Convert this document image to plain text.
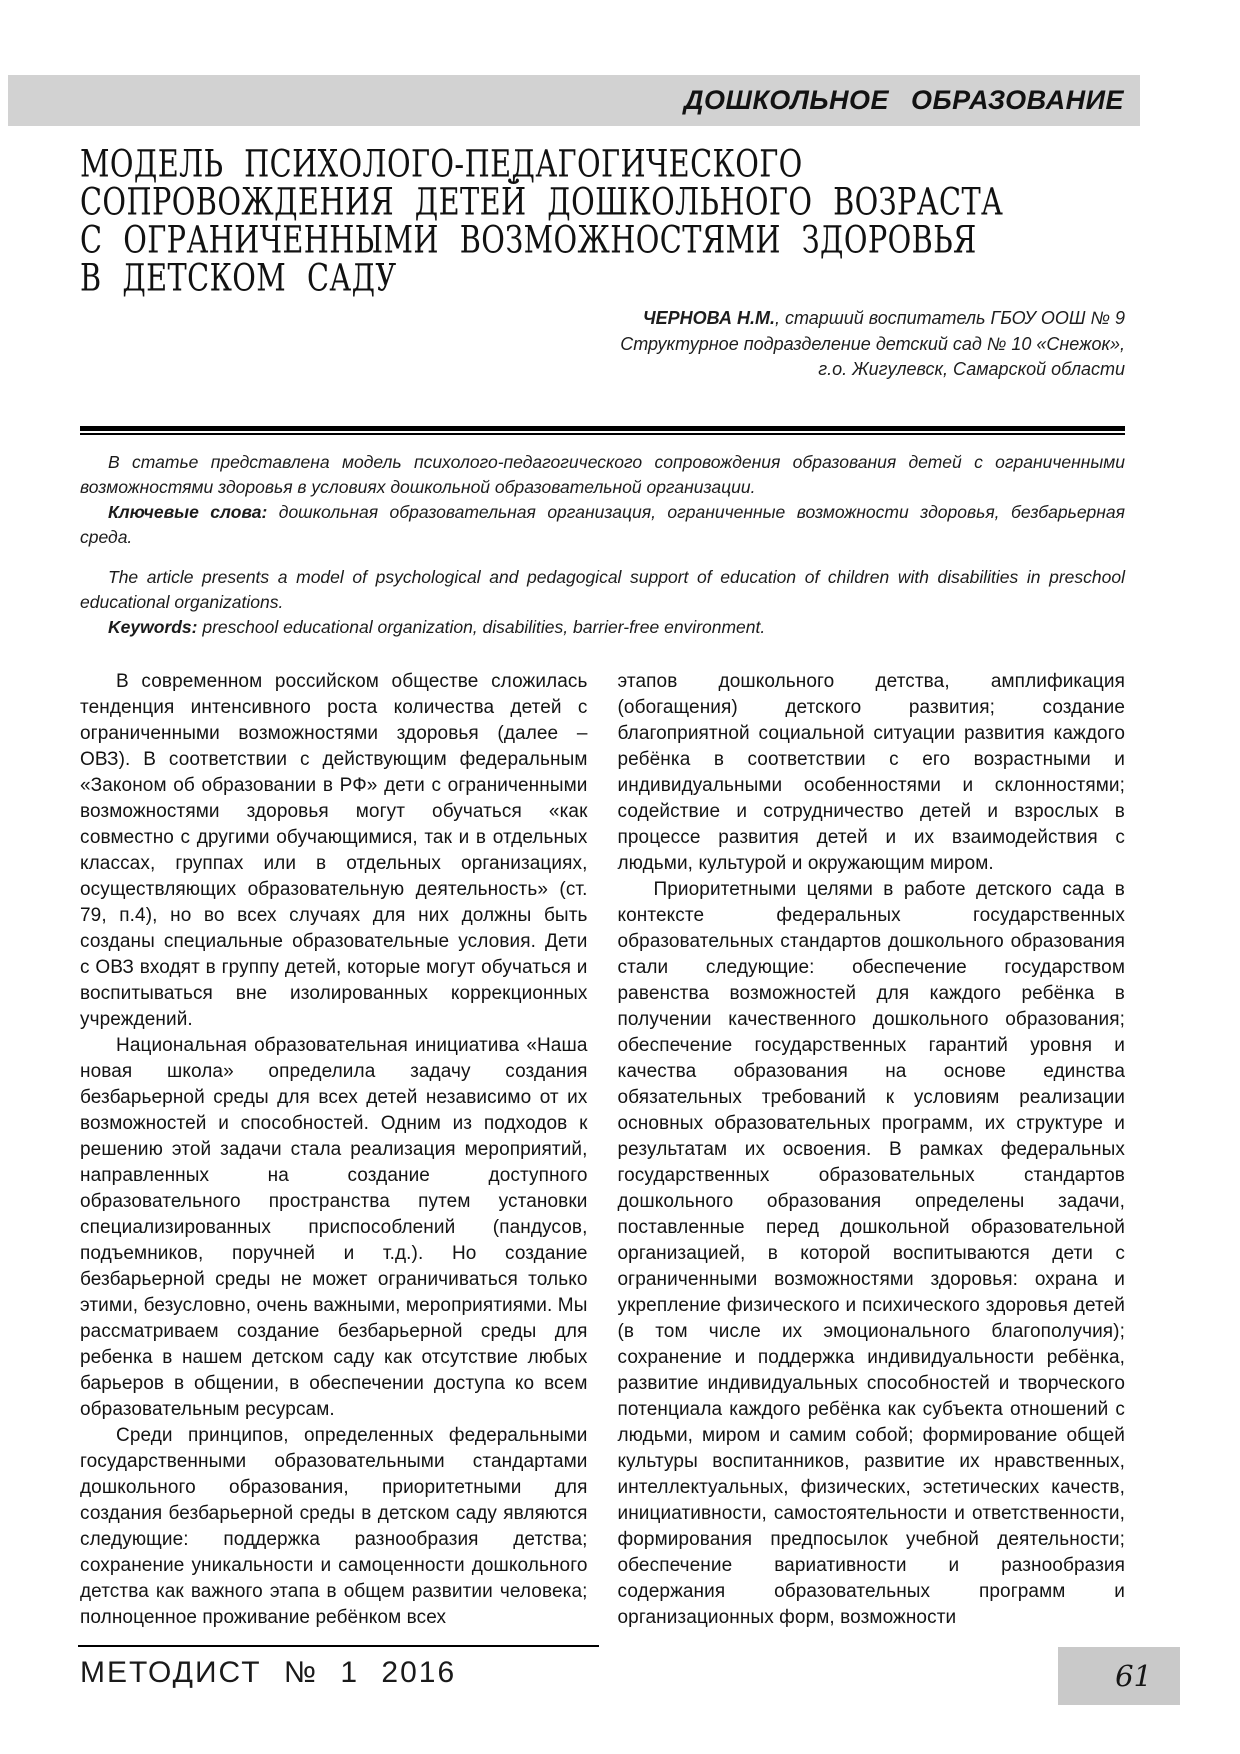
ДОШКОЛЬНОЕ ОБРАЗОВАНИЕ
МОДЕЛЬ ПСИХОЛОГО-ПЕДАГОГИЧЕСКОГО
СОПРОВОЖДЕНИЯ ДЕТЕЙ ДОШКОЛЬНОГО ВОЗРАСТА
С ОГРАНИЧЕННЫМИ ВОЗМОЖНОСТЯМИ ЗДОРОВЬЯ
В ДЕТСКОМ САДУ
ЧЕРНОВА Н.М., старший воспитатель ГБОУ ООШ № 9
Структурное подразделение детский сад № 10 «Снежок»,
г.о. Жигулевск, Самарской области

В статье представлена модель психолого-педагогического сопровождения образования детей с ограниченными возможностями здоровья в условиях дошкольной образовательной организации.

Ключевые слова: дошкольная образовательная организация, ограниченные возможности здоровья, безбарьерная среда.

The article presents a model of psychological and pedagogical support of education of children with disabilities in preschool educational organizations.

Keywords: preschool educational organization, disabilities, barrier-free environment.

В современном российском обществе сложилась тенденция интенсивного роста количества детей с ограниченными возможностями здоровья (далее – ОВЗ). В соответствии с действующим федеральным «Законом об образовании в РФ» дети с ограниченными возможностями здоровья могут обучаться «как совместно с другими обучающимися, так и в отдельных классах, группах или в отдельных организациях, осуществляющих образовательную деятельность» (ст. 79, п.4), но во всех случаях для них должны быть созданы специальные образовательные условия. Дети с ОВЗ входят в группу детей, которые могут обучаться и воспитываться вне изолированных коррекционных учреждений.

Национальная образовательная инициатива «Наша новая школа» определила задачу создания безбарьерной среды для всех детей независимо от их возможностей и способностей. Одним из подходов к решению этой задачи стала реализация мероприятий, направленных на создание доступного образовательного пространства путем установки специализированных приспособлений (пандусов, подъемников, поручней и т.д.). Но создание безбарьерной среды не может ограничиваться только этими, безусловно, очень важными, мероприятиями. Мы рассматриваем создание безбарьерной среды для ребенка в нашем детском саду как отсутствие любых барьеров в общении, в обеспечении доступа ко всем образовательным ресурсам.

Среди принципов, определенных федеральными государственными образовательными стандартами дошкольного образования, приоритетными для создания безбарьерной среды в детском саду являются следующие: поддержка разнообразия детства; сохранение уникальности и самоценности дошкольного детства как важного этапа в общем развитии человека; полноценное проживание ребёнком всех

этапов дошкольного детства, амплификация (обогащения) детского развития; создание благоприятной социальной ситуации развития каждого ребёнка в соответствии с его возрастными и индивидуальными особенностями и склонностями; содействие и сотрудничество детей и взрослых в процессе развития детей и их взаимодействия с людьми, культурой и окружающим миром.

Приоритетными целями в работе детского сада в контексте федеральных государственных образовательных стандартов дошкольного образования стали следующие: обеспечение государством равенства возможностей для каждого ребёнка в получении качественного дошкольного образования; обеспечение государственных гарантий уровня и качества образования на основе единства обязательных требований к условиям реализации основных образовательных программ, их структуре и результатам их освоения. В рамках федеральных государственных образовательных стандартов дошкольного образования определены задачи, поставленные перед дошкольной образовательной организацией, в которой воспитываются дети с ограниченными возможностями здоровья: охрана и укрепление физического и психического здоровья детей (в том числе их эмоционального благополучия); сохранение и поддержка индивидуальности ребёнка, развитие индивидуальных способностей и творческого потенциала каждого ребёнка как субъекта отношений с людьми, миром и самим собой; формирование общей культуры воспитанников, развитие их нравственных, интеллектуальных, физических, эстетических качеств, инициативности, самостоятельности и ответственности, формирования предпосылок учебной деятельности; обеспечение вариативности и разнообразия содержания образовательных программ и организационных форм, возможности

МЕТОДИСТ № 1 2016	61
